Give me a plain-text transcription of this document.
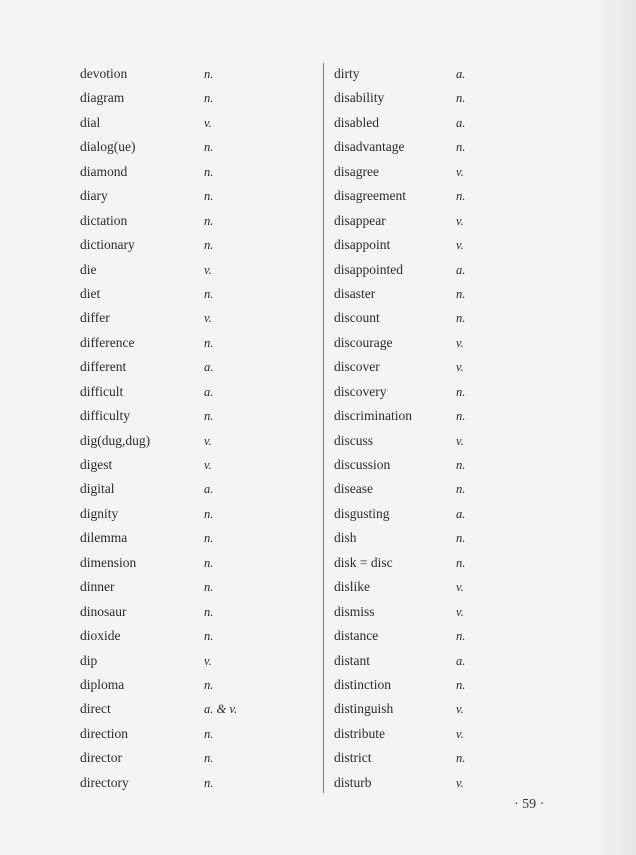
devotion	n.
diagram	n.
dial	v.
dialog(ue)	n.
diamond	n.
diary	n.
dictation	n.
dictionary	n.
die	v.
diet	n.
differ	v.
difference	n.
different	a.
difficult	a.
difficulty	n.
dig(dug,dug)	v.
digest	v.
digital	a.
dignity	n.
dilemma	n.
dimension	n.
dinner	n.
dinosaur	n.
dioxide	n.
dip	v.
diploma	n.
direct	a. & v.
direction	n.
director	n.
directory	n.
dirty	a.
disability	n.
disabled	a.
disadvantage	n.
disagree	v.
disagreement	n.
disappear	v.
disappoint	v.
disappointed	a.
disaster	n.
discount	n.
discourage	v.
discover	v.
discovery	n.
discrimination	n.
discuss	v.
discussion	n.
disease	n.
disgusting	a.
dish	n.
disk = disc	n.
dislike	v.
dismiss	v.
distance	n.
distant	a.
distinction	n.
distinguish	v.
distribute	v.
district	n.
disturb	v.
· 59 ·
